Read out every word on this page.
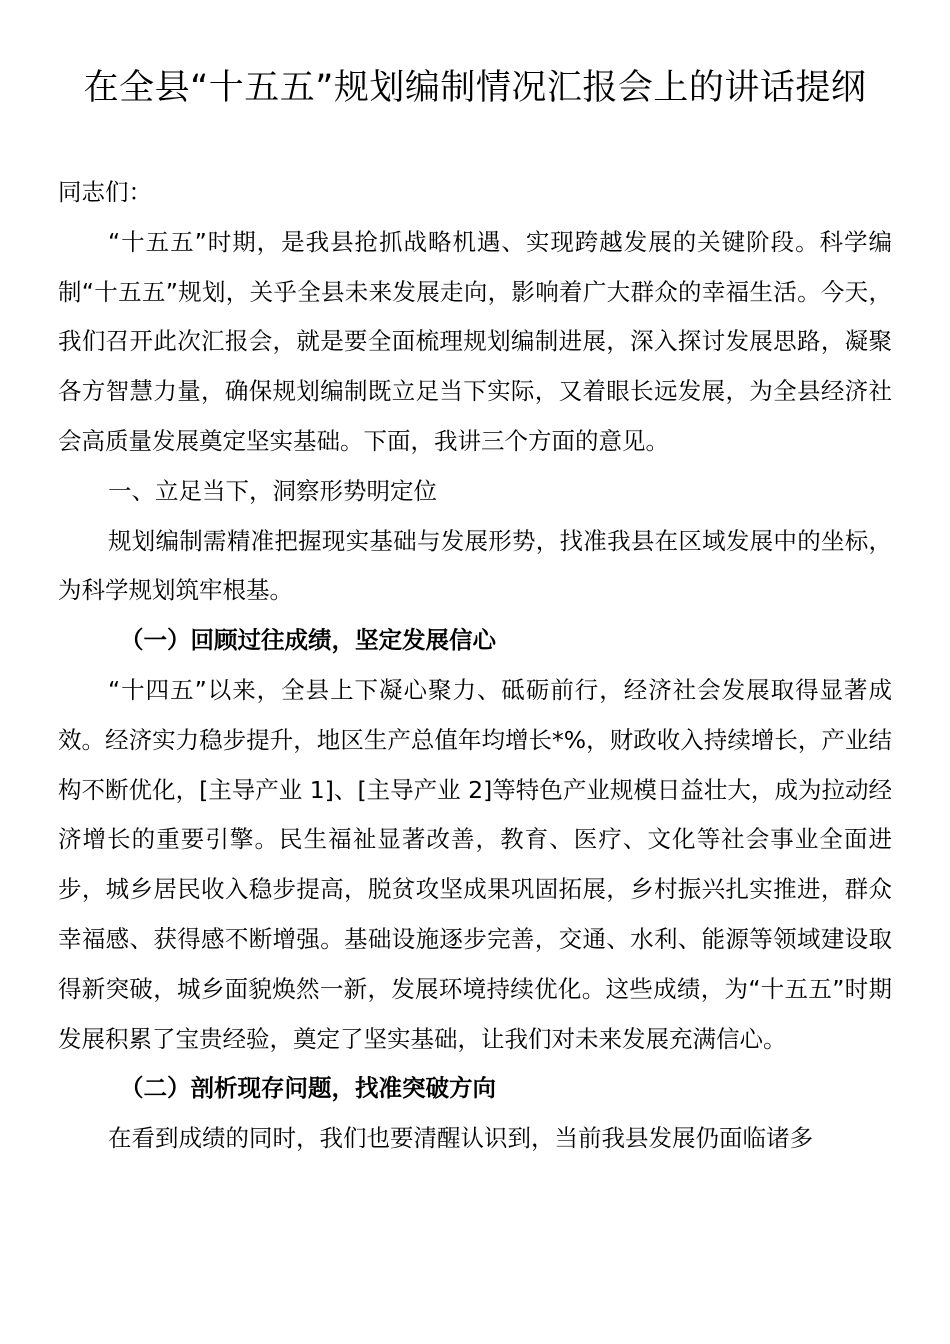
在全县“十五五”规划编制情况汇报会上的讲话提纲

同志们：

“十五五”时期，是我县抢抓战略机遇、实现跨越发展的关键阶段。科学编制“十五五”规划，关乎全县未来发展走向，影响着广大群众的幸福生活。今天，我们召开此次汇报会，就是要全面梳理规划编制进展，深入探讨发展思路，凝聚各方智慧力量，确保规划编制既立足当下实际，又着眼长远发展，为全县经济社会高质量发展奠定坚实基础。下面，我讲三个方面的意见。

一、立足当下，洞察形势明定位

规划编制需精准把握现实基础与发展形势，找准我县在区域发展中的坐标，为科学规划筑牢根基。

（一）回顾过往成绩，坚定发展信心

“十四五”以来，全县上下凝心聚力、砥砺前行，经济社会发展取得显著成效。经济实力稳步提升，地区生产总值年均增长*%，财政收入持续增长，产业结构不断优化，[主导产业 1]、[主导产业 2]等特色产业规模日益壮大，成为拉动经济增长的重要引擎。民生福祉显著改善，教育、医疗、文化等社会事业全面进步，城乡居民收入稳步提高，脱贫攻坚成果巩固拓展，乡村振兴扎实推进，群众幸福感、获得感不断增强。基础设施逐步完善，交通、水利、能源等领域建设取得新突破，城乡面貌焕然一新，发展环境持续优化。这些成绩，为“十五五”时期发展积累了宝贵经验，奠定了坚实基础，让我们对未来发展充满信心。

（二）剖析现存问题，找准突破方向

在看到成绩的同时，我们也要清醒认识到，当前我县发展仍面临诸多
